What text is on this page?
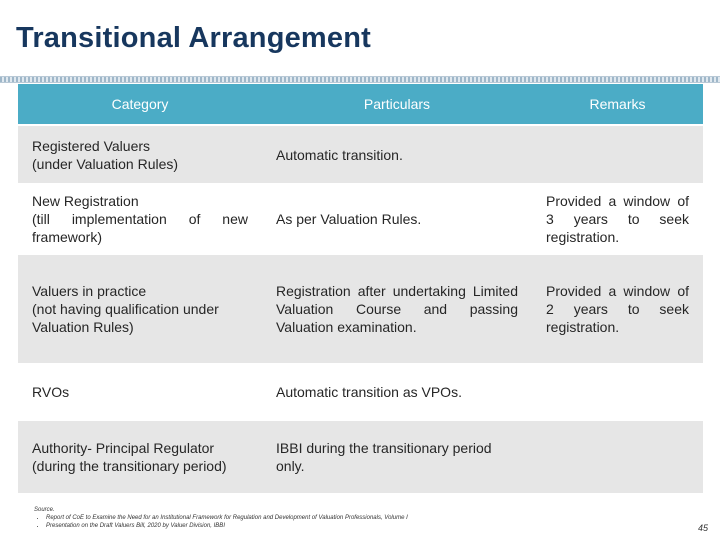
Transitional Arrangement
Category	Particulars	Remarks
Registered Valuers
(under Valuation Rules)	Automatic transition.	
New Registration
(till implementation of new framework)	As per Valuation Rules.	Provided a window of 3 years to seek registration.
Valuers in practice
(not having qualification under Valuation Rules)	Registration after undertaking Limited Valuation Course and passing Valuation examination.	Provided a window of 2 years to seek registration.
RVOs	Automatic transition as VPOs.	
Authority- Principal Regulator
(during the transitionary period)	IBBI during the transitionary period only.	
Source.
• Report of CoE to Examine the Need for an Institutional Framework for Regulation and Development of Valuation Professionals, Volume I
• Presentation on the Draft Valuers Bill, 2020 by Valuer Division, IBBI	45
